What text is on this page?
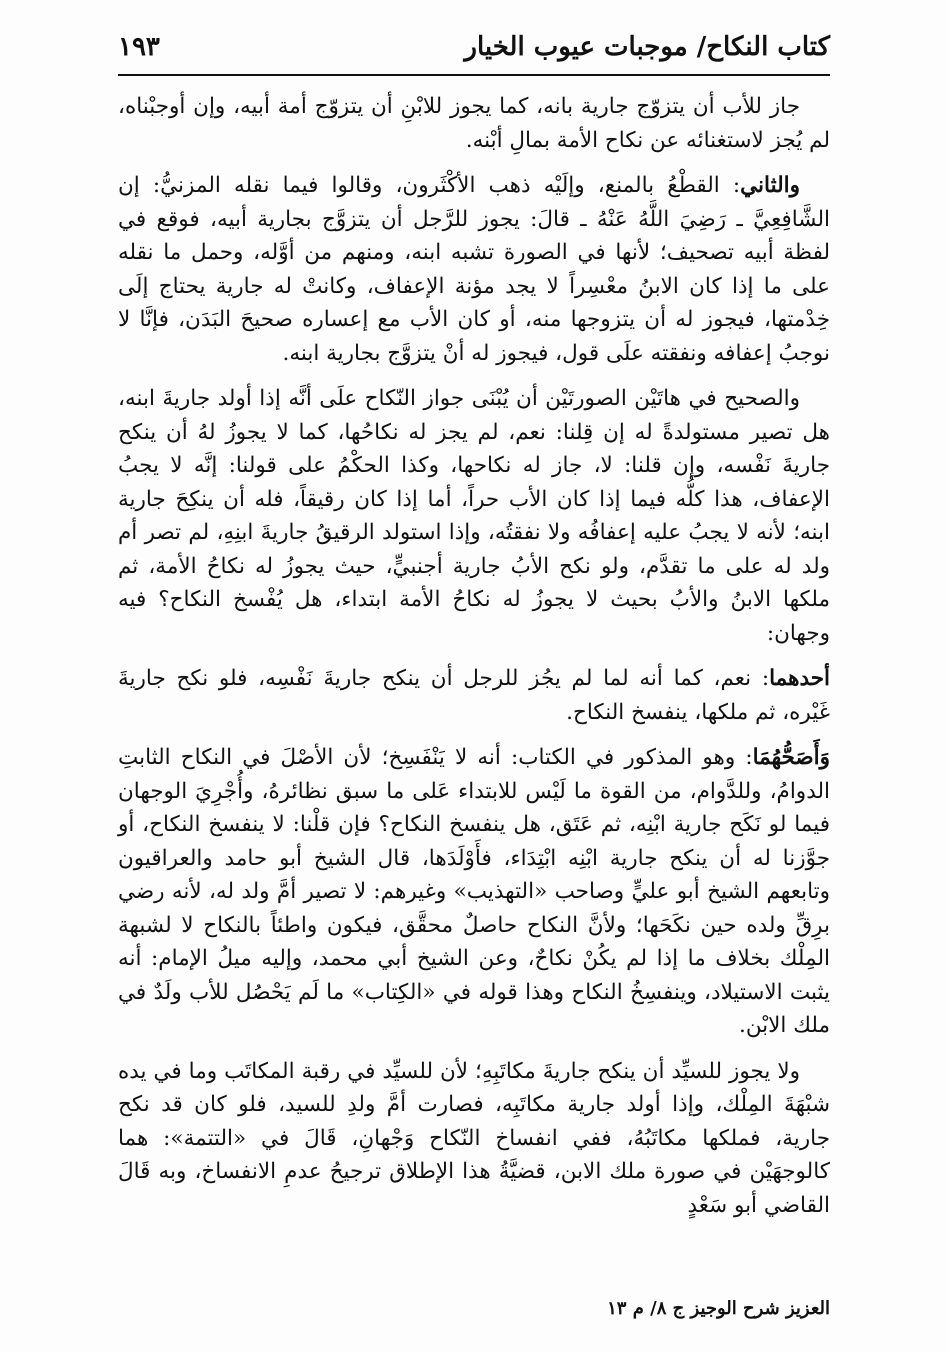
كتاب النكاح/ موجبات عيوب الخيار
١٩٣

جاز للأب أن يتزوّج جارية بانه، كما يجوز للابْنِ أن يتزوّج أمة أبيه، وإن أوجبْناه، لم يُجز لاستغنائه عن نكاح الأمة بمالِ أبْنه.

والثاني: القطْعُ بالمنع، وإلَيْه ذهب الأكْثَرون، وقالوا فيما نقله المزنيُّ: إن الشَّافِعِيَّ ـ رَضِيَ اللَّهُ عَنْهُ ـ قالَ: يجوز للرَّجل أن يتزوَّج بجارية أبيه، فوقع في لفظة أبيه تصحيف؛ لأنها في الصورة تشبه ابنه، ومنهم من أوَّله، وحمل ما نقله على ما إذا كان الابنُ معْسِراً لا يجد مؤنة الإعفاف، وكانتْ له جارية يحتاج إلَى خِدْمتها، فيجوز له أن يتزوجها منه، أو كان الأب مع إعساره صحيحَ البَدَن، فإنَّا لا نوجبُ إعفافه ونفقته علَى قول، فيجوز له أنْ يتزوَّج بجارية ابنه.

والصحيح في هاتَيْن الصورتَيْن أن يُبْنَى جواز النّكاح علَى أنَّه إذا أولد جاريةَ ابنه، هل تصير مستولدةً له إن قِلنا: نعم، لم يجز له نكاحُها، كما لا يجوزُ لهُ أن ينكح جاريةَ نَفْسه، وإن قلنا: لا، جاز له نكاحها، وكذا الحكْمُ على قولنا: إنَّه لا يجبُ الإعفاف، هذا كلُّه فيما إذا كان الأب حراً، أما إذا كان رقيقاً، فله أن ينكِحَ جارية ابنه؛ لأنه لا يجبُ عليه إعفافُه ولا نفقتُه، وإذا استولد الرقيقُ جاريةَ ابنِهِ، لم تصر أم ولد له على ما تقدَّم، ولو نكح الأبُ جارية أجنبيٍّ، حيث يجوزُ له نكاحُ الأمة، ثم ملكها الابنُ والأبُ بحيث لا يجوزُ له نكاحُ الأمة ابتداء، هل يُفْسخ النكاح؟ فيه وجهان:

أحدهما: نعم، كما أنه لما لم يجُز للرجل أن ينكح جاريةَ نَفْسِه، فلو نكح جاريةَ غَيْره، ثم ملكها، ينفسخ النكاح.

وَأَصَحُّهُمَا: وهو المذكور في الكتاب: أنه لا يَنْفَسِخ؛ لأن الأصْلَ في النكاح الثابتِ الدوامُ، وللدَّوام، من القوة ما لَيْس للابتداء عَلى ما سبق نظائرهُ، وأُجْرِيَ الوجهان فيما لو نَكَح جارية ابْنِه، ثم عَتَق، هل ينفسخ النكاح؟ فإن قلْنا: لا ينفسخ النكاح، أو جوَّزنا له أن ينكح جارية ابْنِه ابْتِدَاء، فأَوْلَدَها، قال الشيخ أبو حامد والعراقيون وتابعهم الشيخ أبو عليٍّ وصاحب «التهذيب» وغيرهم: لا تصير أمَّ ولد له، لأنه رضي برِقِّ ولده حين نكَحَها؛ ولأنَّ النكاح حاصلٌ محقَّق، فيكون واطئاً بالنكاح لا لشبهة المِلْك بخلاف ما إذا لم يكُنْ نكاحٌ، وعن الشيخ أبي محمد، وإليه ميلُ الإمام: أنه يثبت الاستيلاد، وينفسِخُ النكاح وهذا قوله في «الكِتاب» ما لَم يَحْصُل للأب ولَدٌ في ملك الابْن.

ولا يجوز للسيِّد أن ينكح جاريةَ مكاتَبِهِ؛ لأن للسيِّد في رقبة المكاتَب وما في يده شبْهَةَ المِلْك، وإذا أولد جارية مكاتَبِه، فصارت أمَّ ولدِ للسيد، فلو كان قد نكح جارية، فملكها مكاتَبُهُ، ففي انفساخ النّكاح وَجْهانِ، قَالَ في «التتمة»: هما كالوجهَيْن في صورة ملك الابن، قضيَّةُ هذا الإطلاق ترجيحُ عدمِ الانفساخ، وبه قَالَ القاضي أبو سَعْدٍ

العزيز شرح الوجيز ج ٨/ م ١٣
